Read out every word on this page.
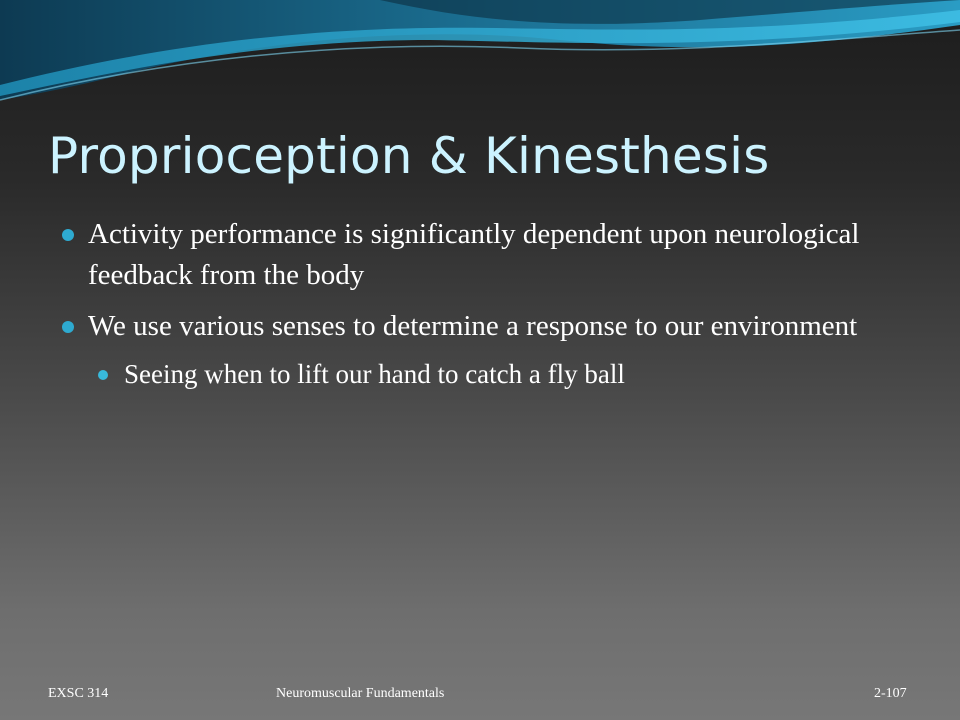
Proprioception & Kinesthesis
Activity performance is significantly dependent upon neurological feedback from the body
We use various senses to determine a response to our environment
Seeing when to lift our hand to catch a fly ball
EXSC 314	Neuromuscular Fundamentals	2-107
